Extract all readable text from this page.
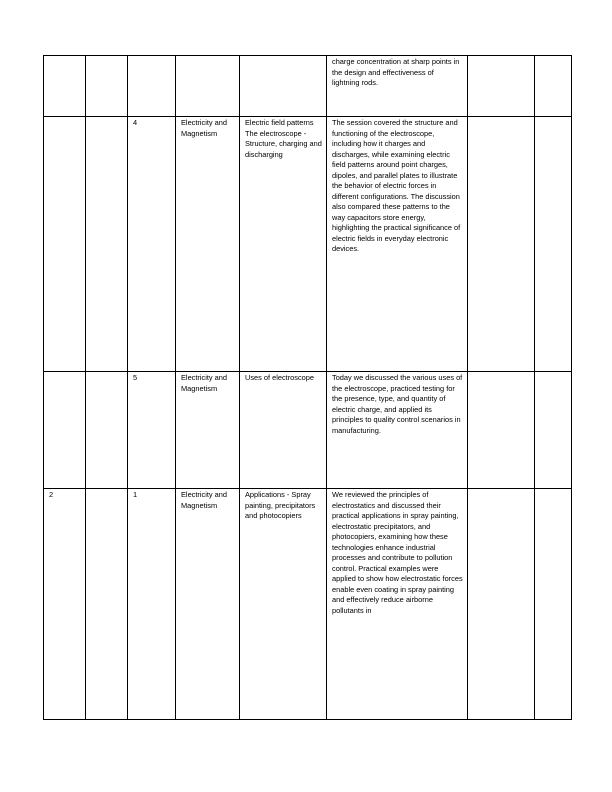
					charge concentration at sharp points in the design and effectiveness of lightning rods.		
		4	Electricity and Magnetism	Electric field patterns The electroscope - Structure, charging and discharging	The session covered the structure and functioning of the electroscope, including how it charges and discharges, while examining electric field patterns around point charges, dipoles, and parallel plates to illustrate the behavior of electric forces in different configurations. The discussion also compared these patterns to the way capacitors store energy, highlighting the practical significance of electric fields in everyday electronic devices.		
		5	Electricity and Magnetism	Uses of electroscope	Today we discussed the various uses of the electroscope, practiced testing for the presence, type, and quantity of electric charge, and applied its principles to quality control scenarios in manufacturing.		
2		1	Electricity and Magnetism	Applications - Spray painting, precipitators and photocopiers	We reviewed the principles of electrostatics and discussed their practical applications in spray painting, electrostatic precipitators, and photocopiers, examining how these technologies enhance industrial processes and contribute to pollution control. Practical examples were applied to show how electrostatic forces enable even coating in spray painting and effectively reduce airborne pollutants in		
